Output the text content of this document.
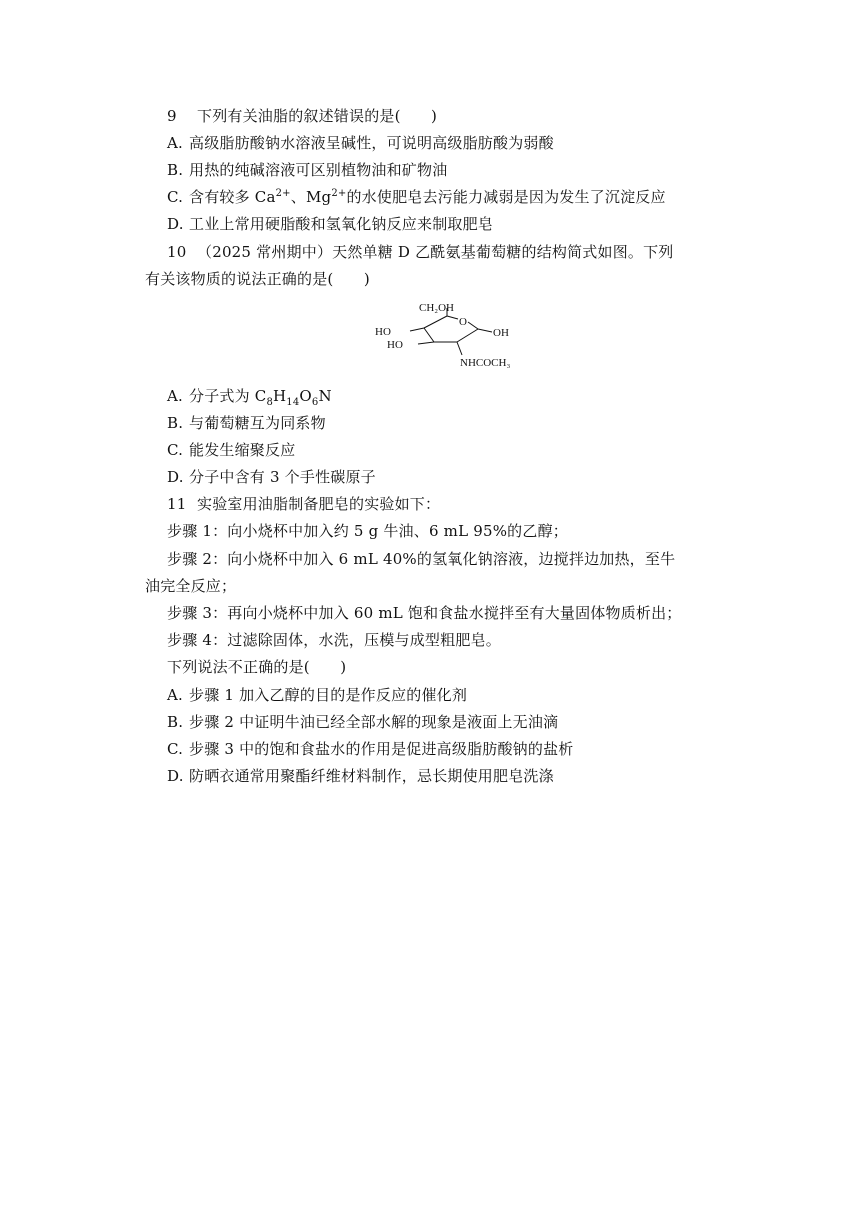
9 下列有关油脂的叙述错误的是(　　)
A. 高级脂肪酸钠水溶液呈碱性，可说明高级脂肪酸为弱酸
B. 用热的纯碱溶液可区别植物油和矿物油
C. 含有较多 $Ca^{2+}$、$Mg^{2+}$的水使肥皂去污能力减弱是因为发生了沉淀反应
D. 工业上常用硬脂酸和氢氧化钠反应来制取肥皂
10 （2025 常州期中）天然单糖 D 乙酰氨基葡萄糖的结构简式如图。下列
有关该物质的说法正确的是(　　)
CH₂OH
O
OH
HO
HO
NHCOCH₃
A. 分子式为 $C_8H_{14}O_6N$
B. 与葡萄糖互为同系物
C. 能发生缩聚反应
D. 分子中含有 3 个手性碳原子
11 实验室用油脂制备肥皂的实验如下：
步骤 1：向小烧杯中加入约 5 g 牛油、6 mL 95%的乙醇；
步骤 2：向小烧杯中加入 6 mL 40%的氢氧化钠溶液，边搅拌边加热，至牛
油完全反应；
步骤 3：再向小烧杯中加入 60 mL 饱和食盐水搅拌至有大量固体物质析出；
步骤 4：过滤除固体，水洗，压模与成型粗肥皂。
下列说法不正确的是(　　)
A. 步骤 1 加入乙醇的目的是作反应的催化剂
B. 步骤 2 中证明牛油已经全部水解的现象是液面上无油滴
C. 步骤 3 中的饱和食盐水的作用是促进高级脂肪酸钠的盐析
D. 防晒衣通常用聚酯纤维材料制作，忌长期使用肥皂洗涤
